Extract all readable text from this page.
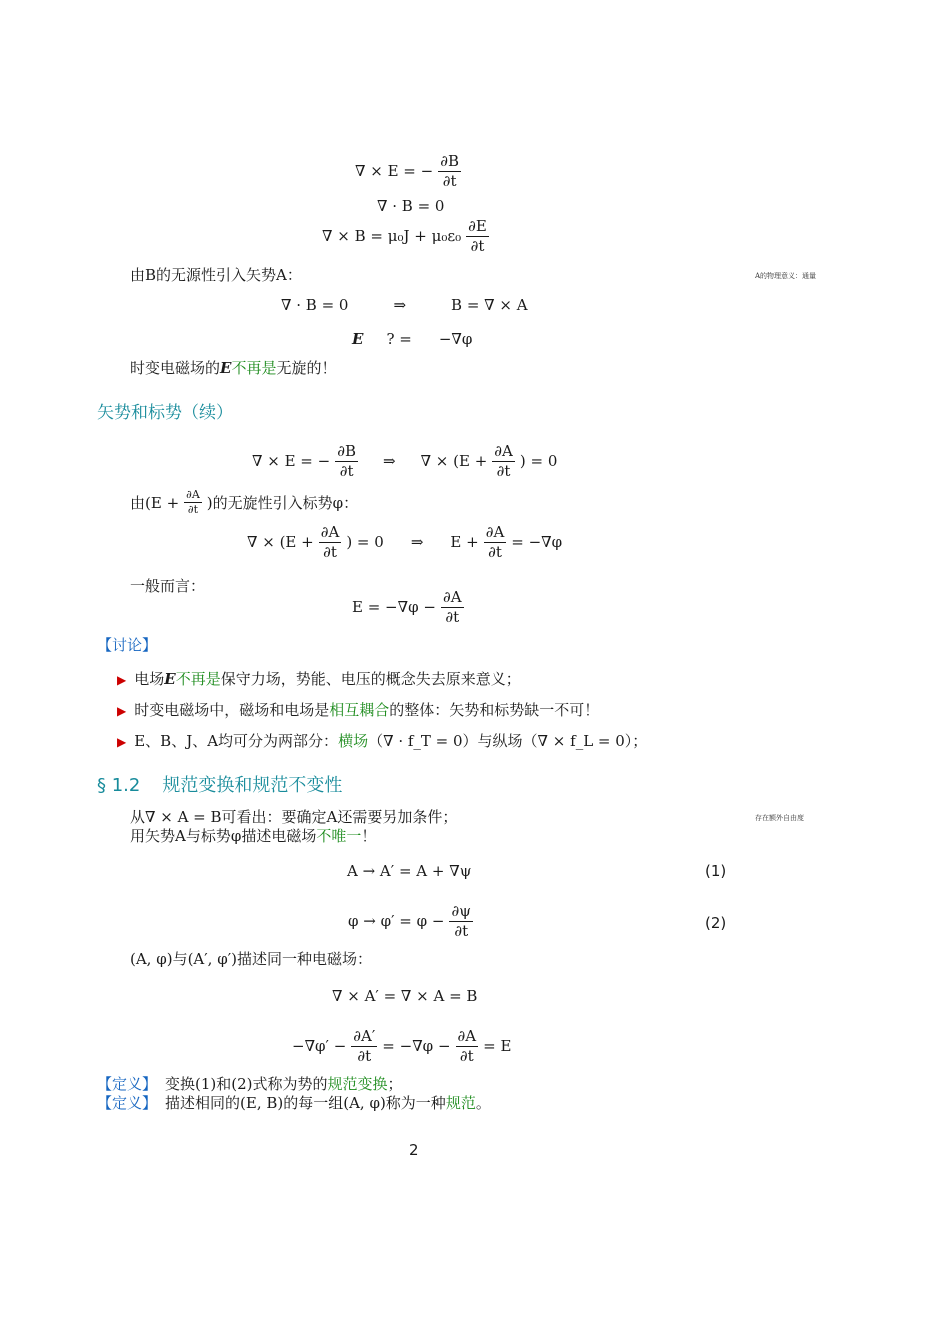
∇ × E = − $\frac{\partial B}{\partial t}$
∇ · B = 0
∇ × $B = \mu_0J + \mu_0\varepsilon_0 \frac{\partial E}{\partial t}$
由B的无源性引入矢势A：	A的物理意义：通量
∇ · B = 0	⇒	B = ∇ × A
E ? = −∇φ
时变电磁场的E不再是无旋的！
矢势和标势（续）
∇ × E = − $\frac{\partial B}{\partial t}$ ⇒ ∇ × ($E + \frac{\partial A}{\partial t}$ ) = 0
由($E + \frac{\partial A}{\partial t}$ )的无旋性引入标势φ：
∇ × ($E + \frac{\partial A}{\partial t}$ ) = 0 ⇒ $E + \frac{\partial A}{\partial t} = -\nabla\varphi$
一般而言：
$E = -\nabla\varphi - \frac{\partial A}{\partial t}$
【讨论】
▶ 电场E不再是保守力场，势能、电压的概念失去原来意义；
▶ 时变电磁场中，磁场和电场是相互耦合的整体：矢势和标势缺一不可！
▶ E、B、J、A均可分为两部分：横场（∇ · f_T = 0）与纵场（∇ × f_L = 0）；
§ 1.2 规范变换和规范不变性
从∇ × A = B可看出：要确定A还需要另加条件；	存在额外自由度
用矢势A与标势φ描述电磁场不唯一！
A → A′ = A + ∇ψ	(1)
$\varphi \to \varphi' = \varphi - \frac{\partial\psi}{\partial t}$	(2)
(A, φ)与(A′, φ′)描述同一种电磁场：
∇ × A′ = ∇ × A = B
$-\nabla\varphi' - \frac{\partial A'}{\partial t} = -\nabla\varphi - \frac{\partial A}{\partial t} = E$
【定义】 变换(1)和(2)式称为势的规范变换；
【定义】 描述相同的(E, B)的每一组(A, φ)称为一种规范。
2
